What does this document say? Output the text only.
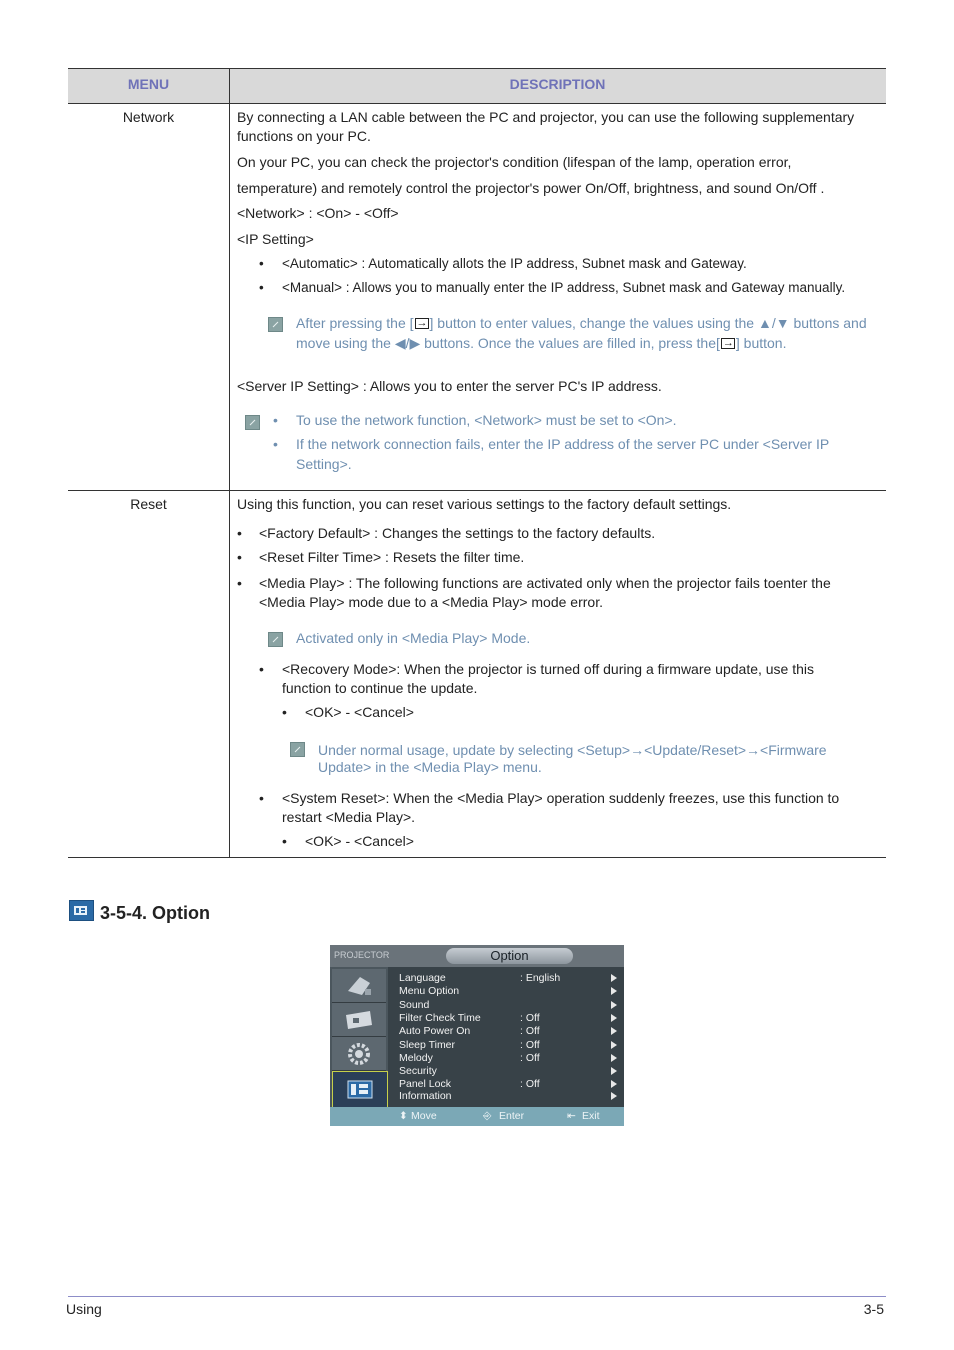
MENU	DESCRIPTION
Network	By connecting a LAN cable between the PC and projector, you can use the following supplementary
functions on your PC.
On your PC, you can check the projector's condition (lifespan of the lamp, operation error,
temperature) and remotely control the projector's power On/Off, brightness, and sound On/Off .
<Network> : <On> - <Off>
<IP Setting>
• <Automatic> : Automatically allots the IP address, Subnet mask and Gateway.
• <Manual> : Allows you to manually enter the IP address, Subnet mask and Gateway manually.
After pressing the [ → ] button to enter values, change the values using the ▲/▼ buttons and
move using the ◀/▶ buttons. Once the values are filled in, press the[ → ] button.
<Server IP Setting> : Allows you to enter the server PC's IP address.
• To use the network function, <Network> must be set to <On>.
• If the network connection fails, enter the IP address of the server PC under <Server IP
Setting>.
Reset	Using this function, you can reset various settings to the factory default settings.
• <Factory Default> : Changes the settings to the factory defaults.
• <Reset Filter Time> : Resets the filter time.
• <Media Play> : The following functions are activated only when the projector fails toenter the
<Media Play> mode due to a <Media Play> mode error.
Activated only in <Media Play> Mode.
• <Recovery Mode>: When the projector is turned off during a firmware update, use this
function to continue the update.
• <OK> - <Cancel>
Under normal usage, update by selecting <Setup>→<Update/Reset>→<Firmware
Update> in the <Media Play> menu.
• <System Reset>: When the <Media Play> operation suddenly freezes, use this function to
restart <Media Play>.
• <OK> - <Cancel>
3-5-4. Option
PROJECTOR	Option
Language	: English
Menu Option
Sound
Filter Check Time	: Off
Auto Power On	: Off
Sleep Timer	: Off
Melody	: Off
Security
Panel Lock	: Off
Information
⬍ Move	⎆ Enter	⇤ Exit
Using	3-5
